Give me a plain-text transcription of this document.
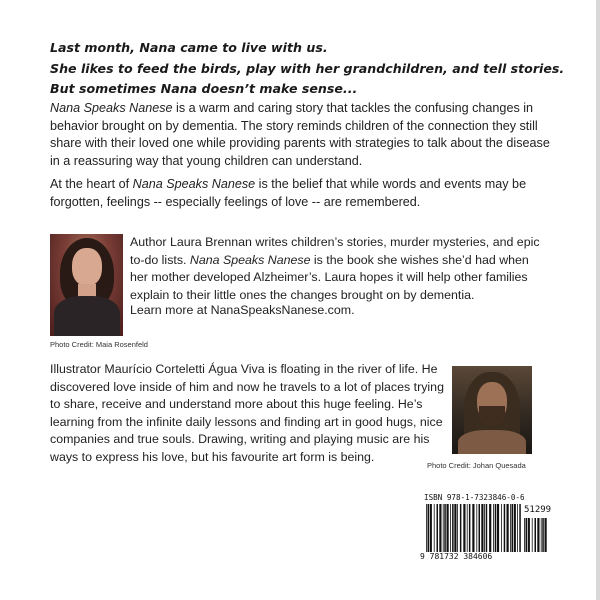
Last month, Nana came to live with us.
She likes to feed the birds, play with her grandchildren, and tell stories.
But sometimes Nana doesn’t make sense...
Nana Speaks Nanese is a warm and caring story that tackles the confusing changes in behavior brought on by dementia. The story reminds children of the connection they still share with their loved one while providing parents with strategies to talk about the disease in a reassuring way that young children can understand.
At the heart of Nana Speaks Nanese is the belief that while words and events may be forgotten, feelings -- especially feelings of love -- are remembered.
Photo Credit: Maia Rosenfeld
Author Laura Brennan writes children’s stories, murder mysteries, and epic to-do lists. Nana Speaks Nanese is the book she wishes she’d had when her mother developed Alzheimer’s. Laura hopes it will help other families explain to their little ones the changes brought on by dementia.
Learn more at NanaSpeaksNanese.com.
Illustrator Maurício Corteletti Água Viva is floating in the river of life. He discovered love inside of him and now he travels to a lot of places trying to share, receive and understand more about this huge feeling. He’s learning from the infinite daily lessons and finding art in good hugs, nice companies and true souls. Drawing, writing and playing music are his ways to express his love, but his favourite art form is being.
Photo Credit: Johan Quesada
ISBN 978-1-7323846-0-6
51299
9 781732 384606
